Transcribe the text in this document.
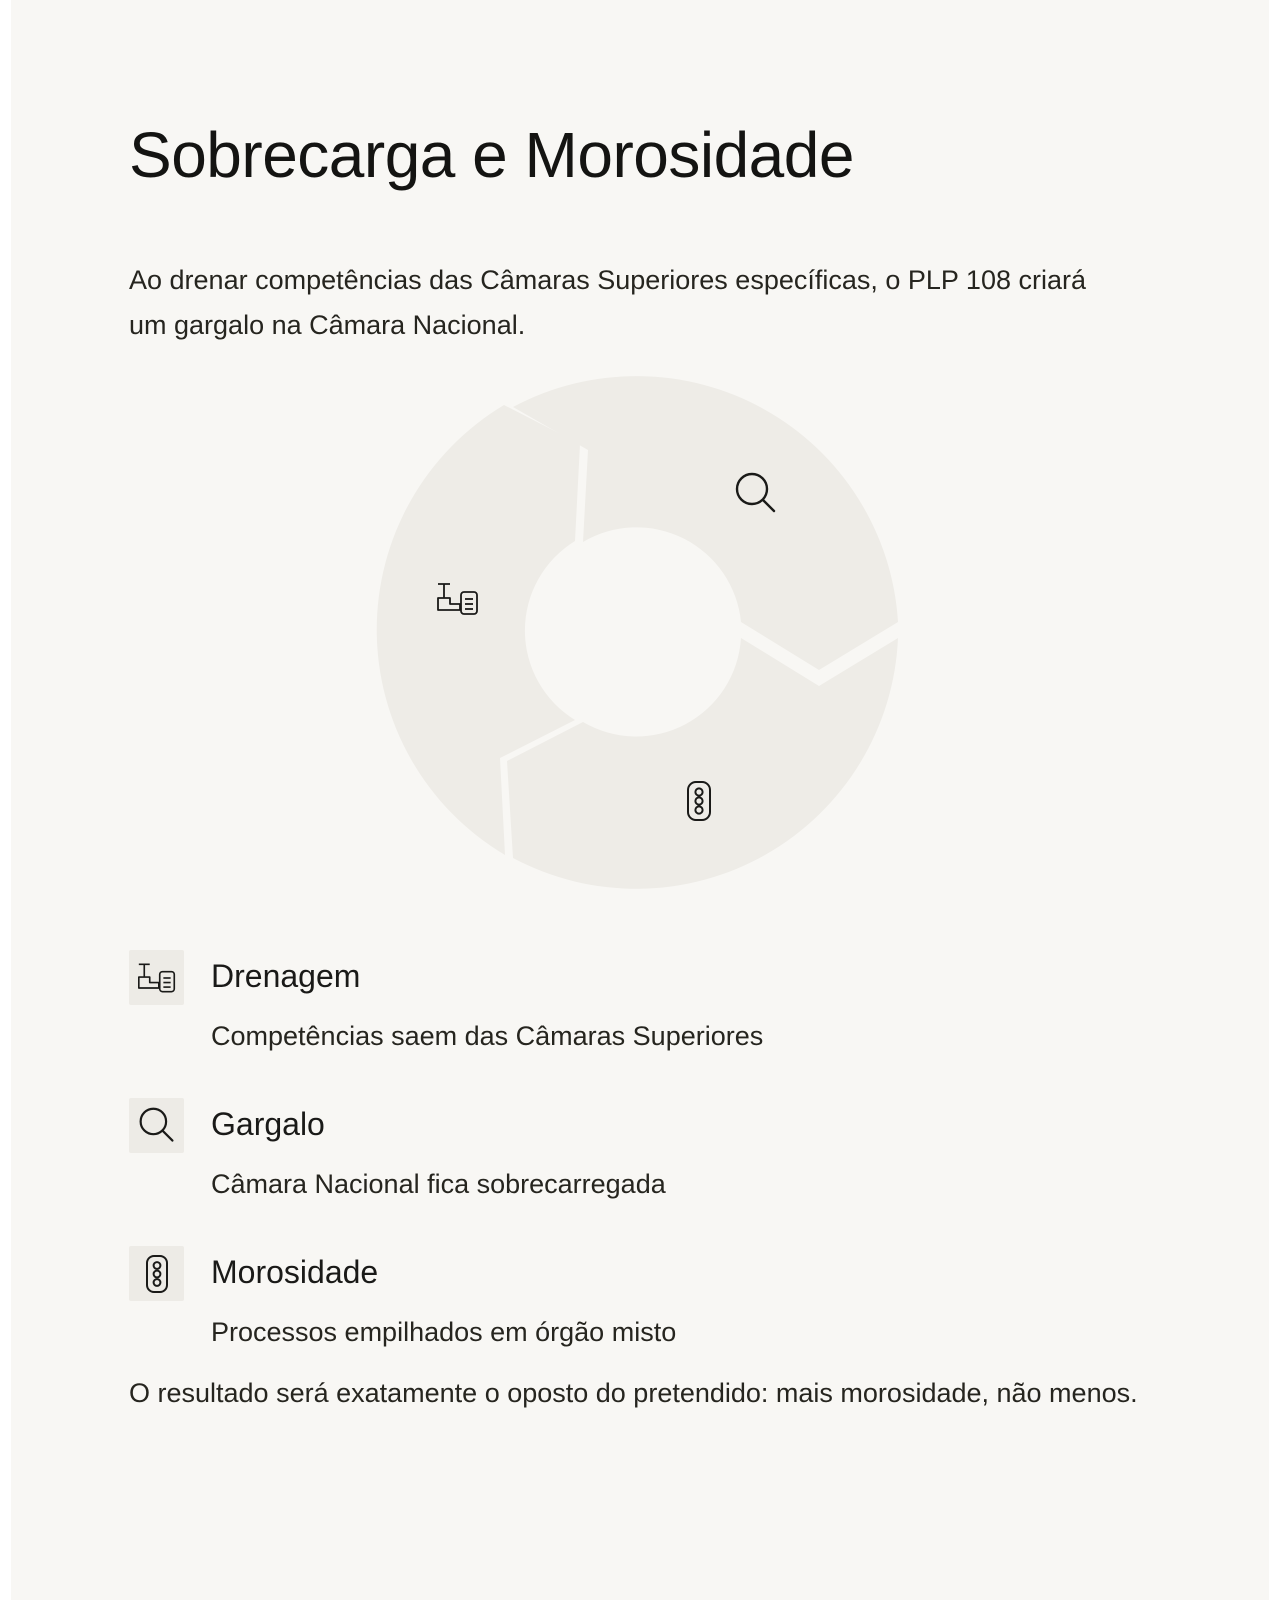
Sobrecarga e Morosidade

Ao drenar competências das Câmaras Superiores específicas, o PLP 108 criará um gargalo na Câmara Nacional.

Drenagem

Competências saem das Câmaras Superiores

Gargalo

Câmara Nacional fica sobrecarregada

Morosidade

Processos empilhados em órgão misto

O resultado será exatamente o oposto do pretendido: mais morosidade, não menos.
